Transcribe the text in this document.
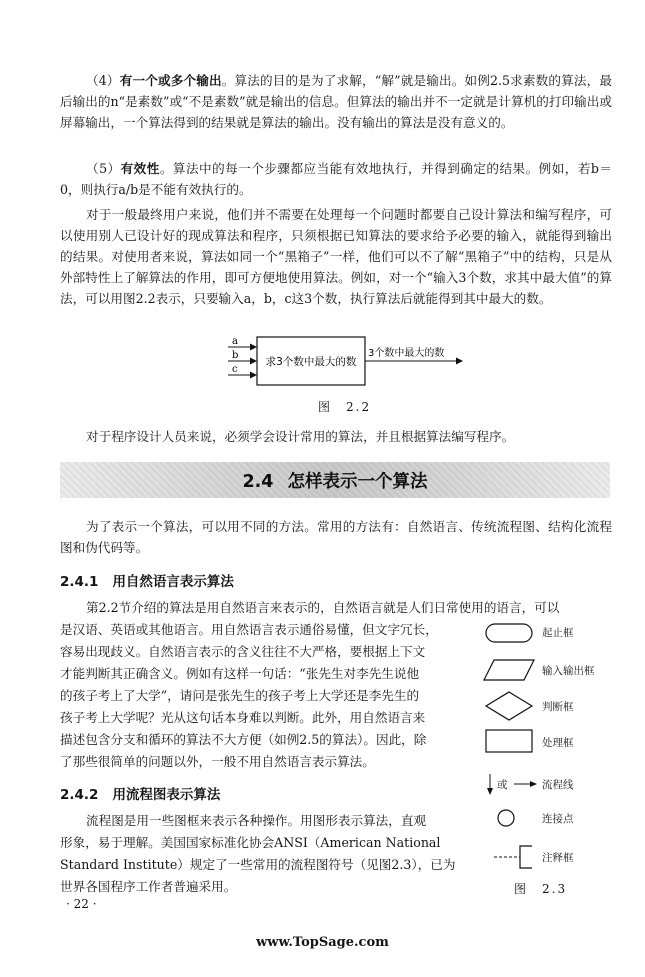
（4）有一个或多个输出。算法的目的是为了求解，“解”就是输出。如例2.5求素数的算法，最后输出的n“是素数”或“不是素数”就是输出的信息。但算法的输出并不一定就是计算机的打印输出或屏幕输出，一个算法得到的结果就是算法的输出。没有输出的算法是没有意义的。

（5）有效性。算法中的每一个步骤都应当能有效地执行，并得到确定的结果。例如，若b＝0，则执行a/b是不能有效执行的。

对于一般最终用户来说，他们并不需要在处理每一个问题时都要自己设计算法和编写程序，可以使用别人已设计好的现成算法和程序，只须根据已知算法的要求给予必要的输入，就能得到输出的结果。对使用者来说，算法如同一个“黑箱子”一样，他们可以不了解“黑箱子”中的结构，只是从外部特性上了解算法的作用，即可方便地使用算法。例如，对一个“输入3个数，求其中最大值”的算法，可以用图2.2表示，只要输入a，b，c这3个数，执行算法后就能得到其中最大的数。

a
b
c
求3个数中最大的数
3个数中最大的数
图　2.2

对于程序设计人员来说，必须学会设计常用的算法，并且根据算法编写程序。

2.4 怎样表示一个算法

为了表示一个算法，可以用不同的方法。常用的方法有：自然语言、传统流程图、结构化流程图和伪代码等。

2.4.1 用自然语言表示算法
第2.2节介绍的算法是用自然语言来表示的，自然语言就是人们日常使用的语言，可以
是汉语、英语或其他语言。用自然语言表示通俗易懂，但文字冗长，
容易出现歧义。自然语言表示的含义往往不大严格，要根据上下文
才能判断其正确含义。例如有这样一句话：“张先生对李先生说他
的孩子考上了大学”，请问是张先生的孩子考上大学还是李先生的
孩子考上大学呢？光从这句话本身难以判断。此外，用自然语言来
描述包含分支和循环的算法不大方便（如例2.5的算法）。因此，除
了那些很简单的问题以外，一般不用自然语言表示算法。
2.4.2 用流程图表示算法
流程图是用一些图框来表示各种操作。用图形表示算法，直观
形象，易于理解。美国国家标准化协会ANSI（American National
Standard Institute）规定了一些常用的流程图符号（见图2.3），已为
世界各国程序工作者普遍采用。
起止框
输入输出框
判断框
处理框
或	流程线
连接点
注释框
图　2.3
· 22 ·
www.TopSage.com
